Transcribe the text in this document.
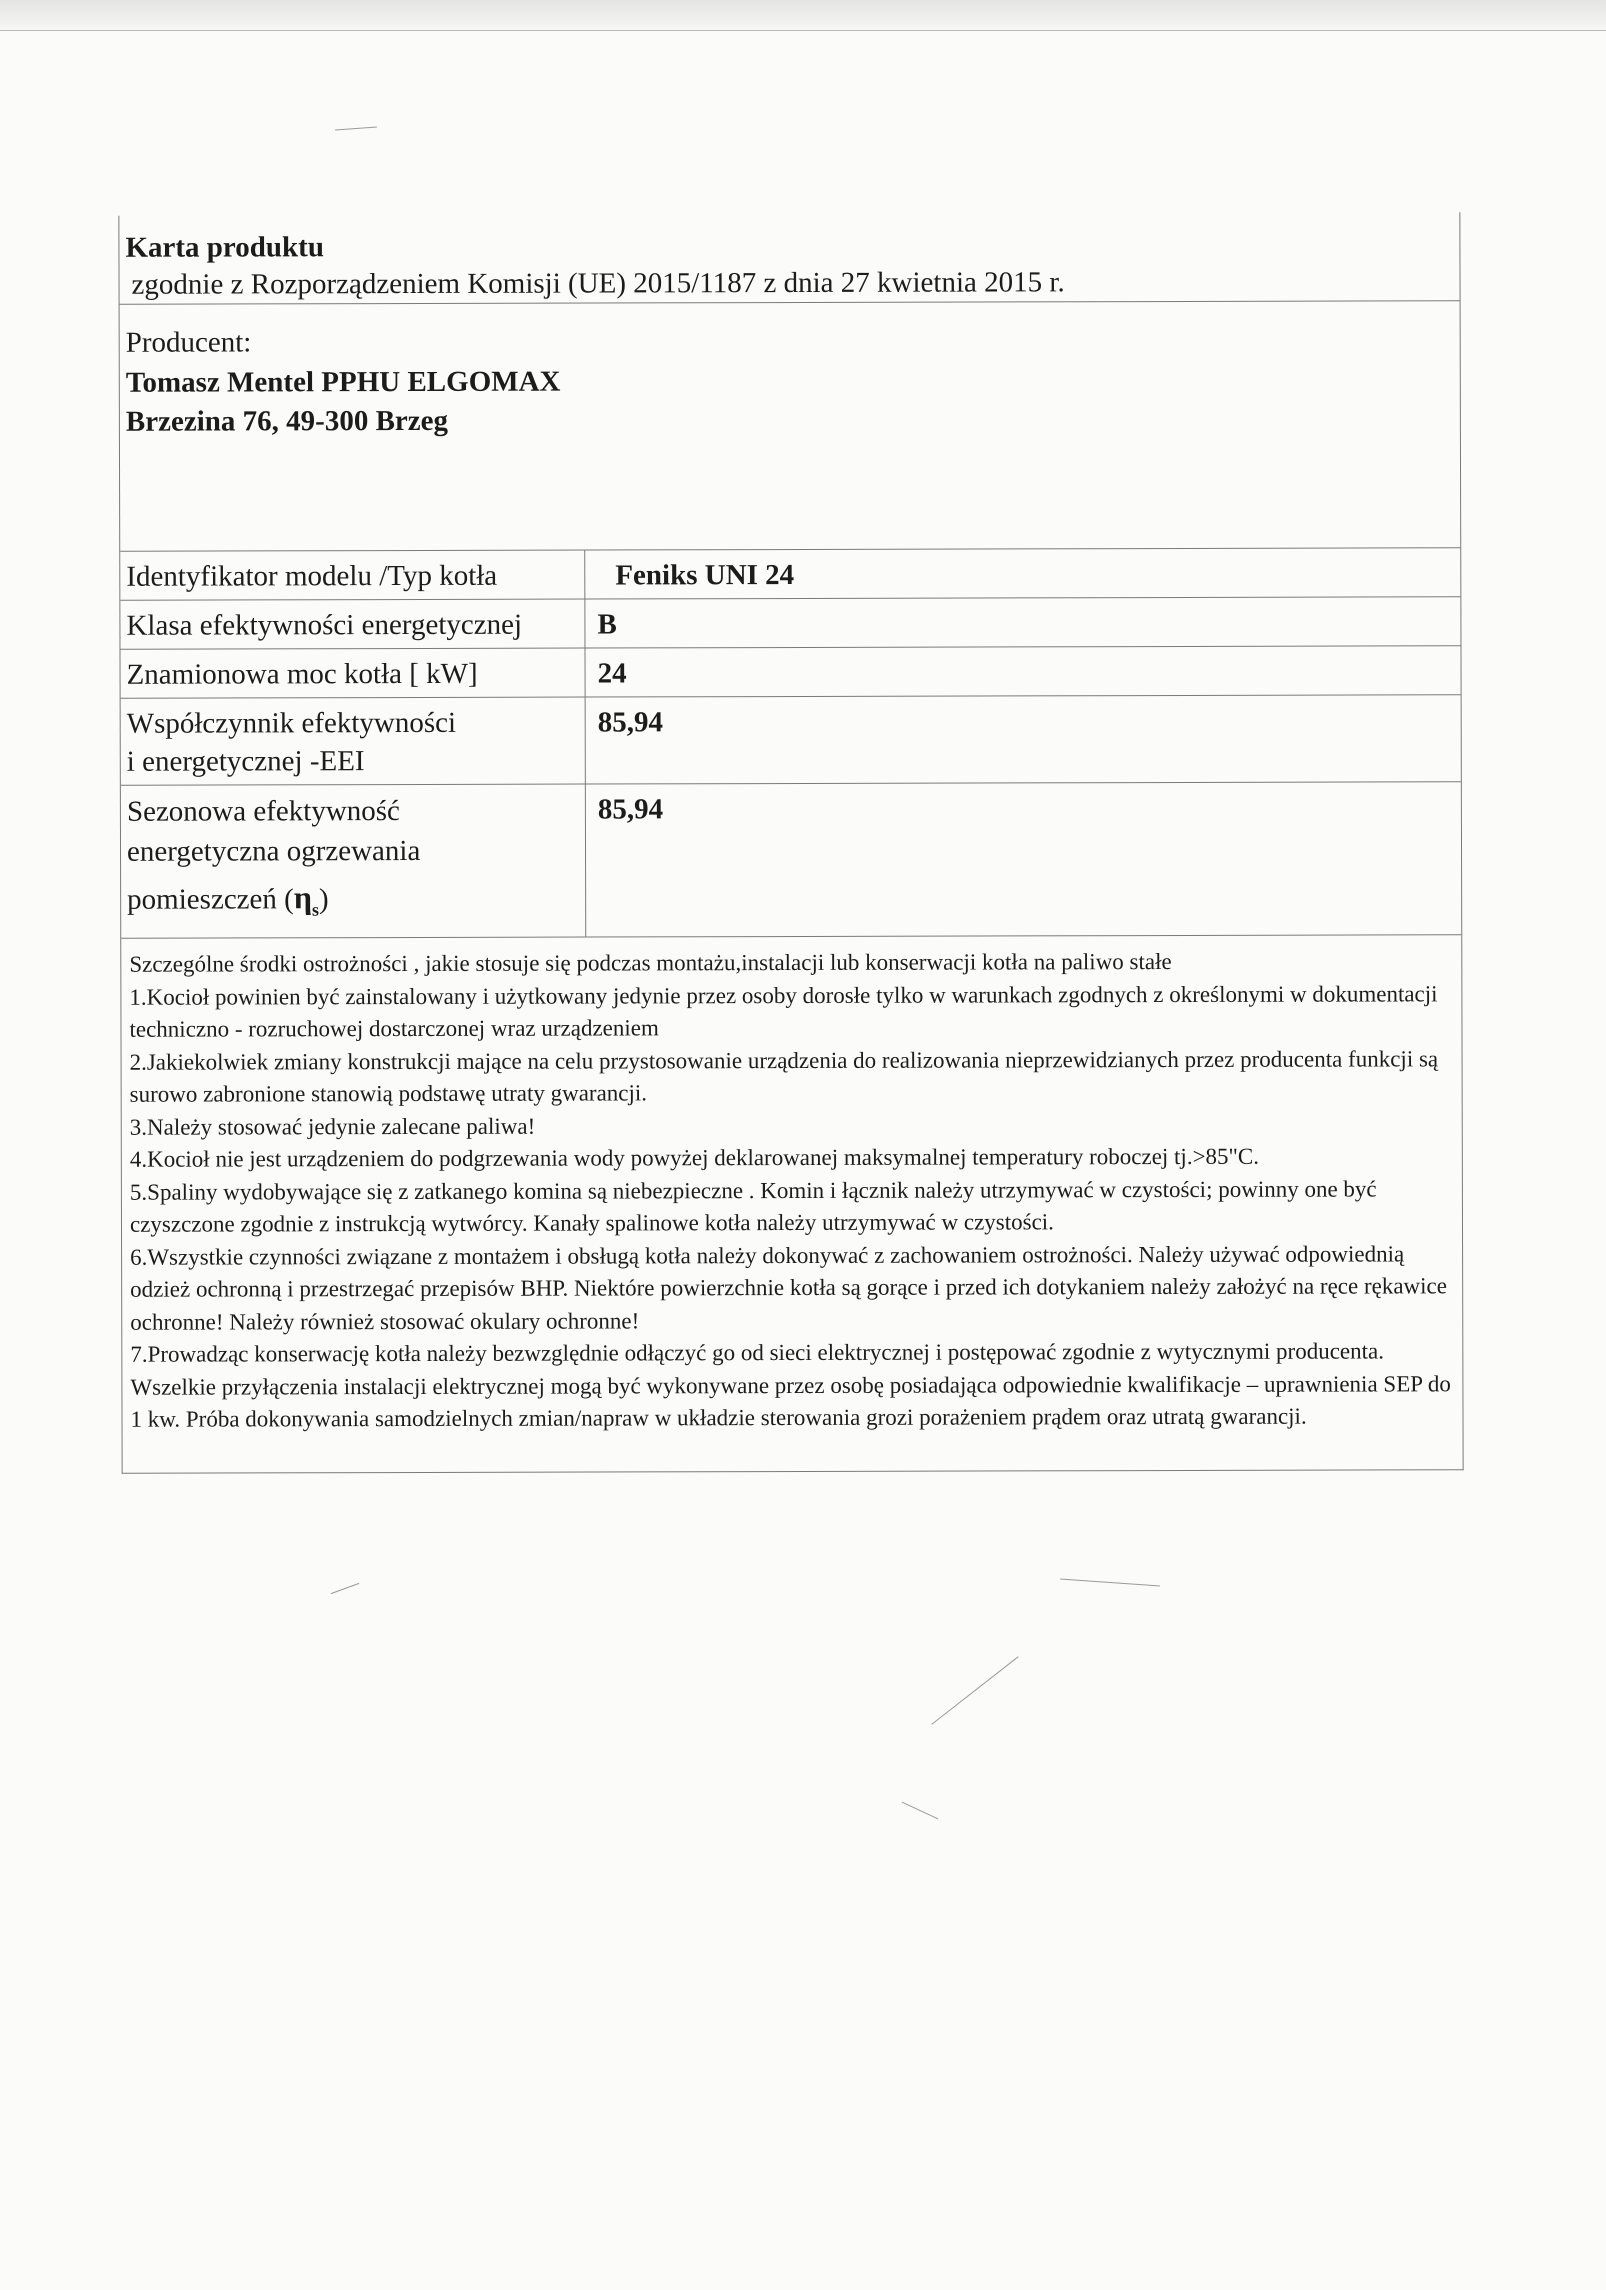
Karta produktu
zgodnie z Rozporządzeniem Komisji (UE) 2015/1187 z dnia 27 kwietnia 2015 r.
Producent:
Tomasz Mentel PPHU ELGOMAX
Brzezina 76, 49-300 Brzeg
Identyfikator modelu /Typ kotła	Feniks UNI 24
Klasa efektywności energetycznej	B
Znamionowa moc kotła [ kW]	24

Współczynnik efektywności
i energetycznej -EEI	85,94

Sezonowa efektywność
energetyczna ogrzewania
pomieszczeń $(\eta_s)$	85,94

Szczególne środki ostrożności , jakie stosuje się podczas montażu,instalacji lub konserwacji kotła na paliwo stałe

1.Kocioł powinien być zainstalowany i użytkowany jedynie przez osoby dorosłe tylko w warunkach zgodnych z określonymi w dokumentacji techniczno - rozruchowej dostarczonej wraz urządzeniem

2.Jakiekolwiek zmiany konstrukcji mające na celu przystosowanie urządzenia do realizowania nieprzewidzianych przez producenta funkcji są surowo zabronione stanowią podstawę utraty gwarancji.

3.Należy stosować jedynie zalecane paliwa!

4.Kocioł nie jest urządzeniem do podgrzewania wody powyżej deklarowanej maksymalnej temperatury roboczej tj.>85"C.

5.Spaliny wydobywające się z zatkanego komina są niebezpieczne . Komin i łącznik należy utrzymywać w czystości; powinny one być czyszczone zgodnie z instrukcją wytwórcy. Kanały spalinowe kotła należy utrzymywać w czystości.

6.Wszystkie czynności związane z montażem i obsługą kotła należy dokonywać z zachowaniem ostrożności. Należy używać odpowiednią odzież ochronną i przestrzegać przepisów BHP. Niektóre powierzchnie kotła są gorące i przed ich dotykaniem należy założyć na ręce rękawice ochronne! Należy również stosować okulary ochronne!

7.Prowadząc konserwację kotła należy bezwzględnie odłączyć go od sieci elektrycznej i postępować zgodnie z wytycznymi producenta. Wszelkie przyłączenia instalacji elektrycznej mogą być wykonywane przez osobę posiadająca odpowiednie kwalifikacje – uprawnienia SEP do 1 kw. Próba dokonywania samodzielnych zmian/napraw w układzie sterowania grozi porażeniem prądem oraz utratą gwarancji.
